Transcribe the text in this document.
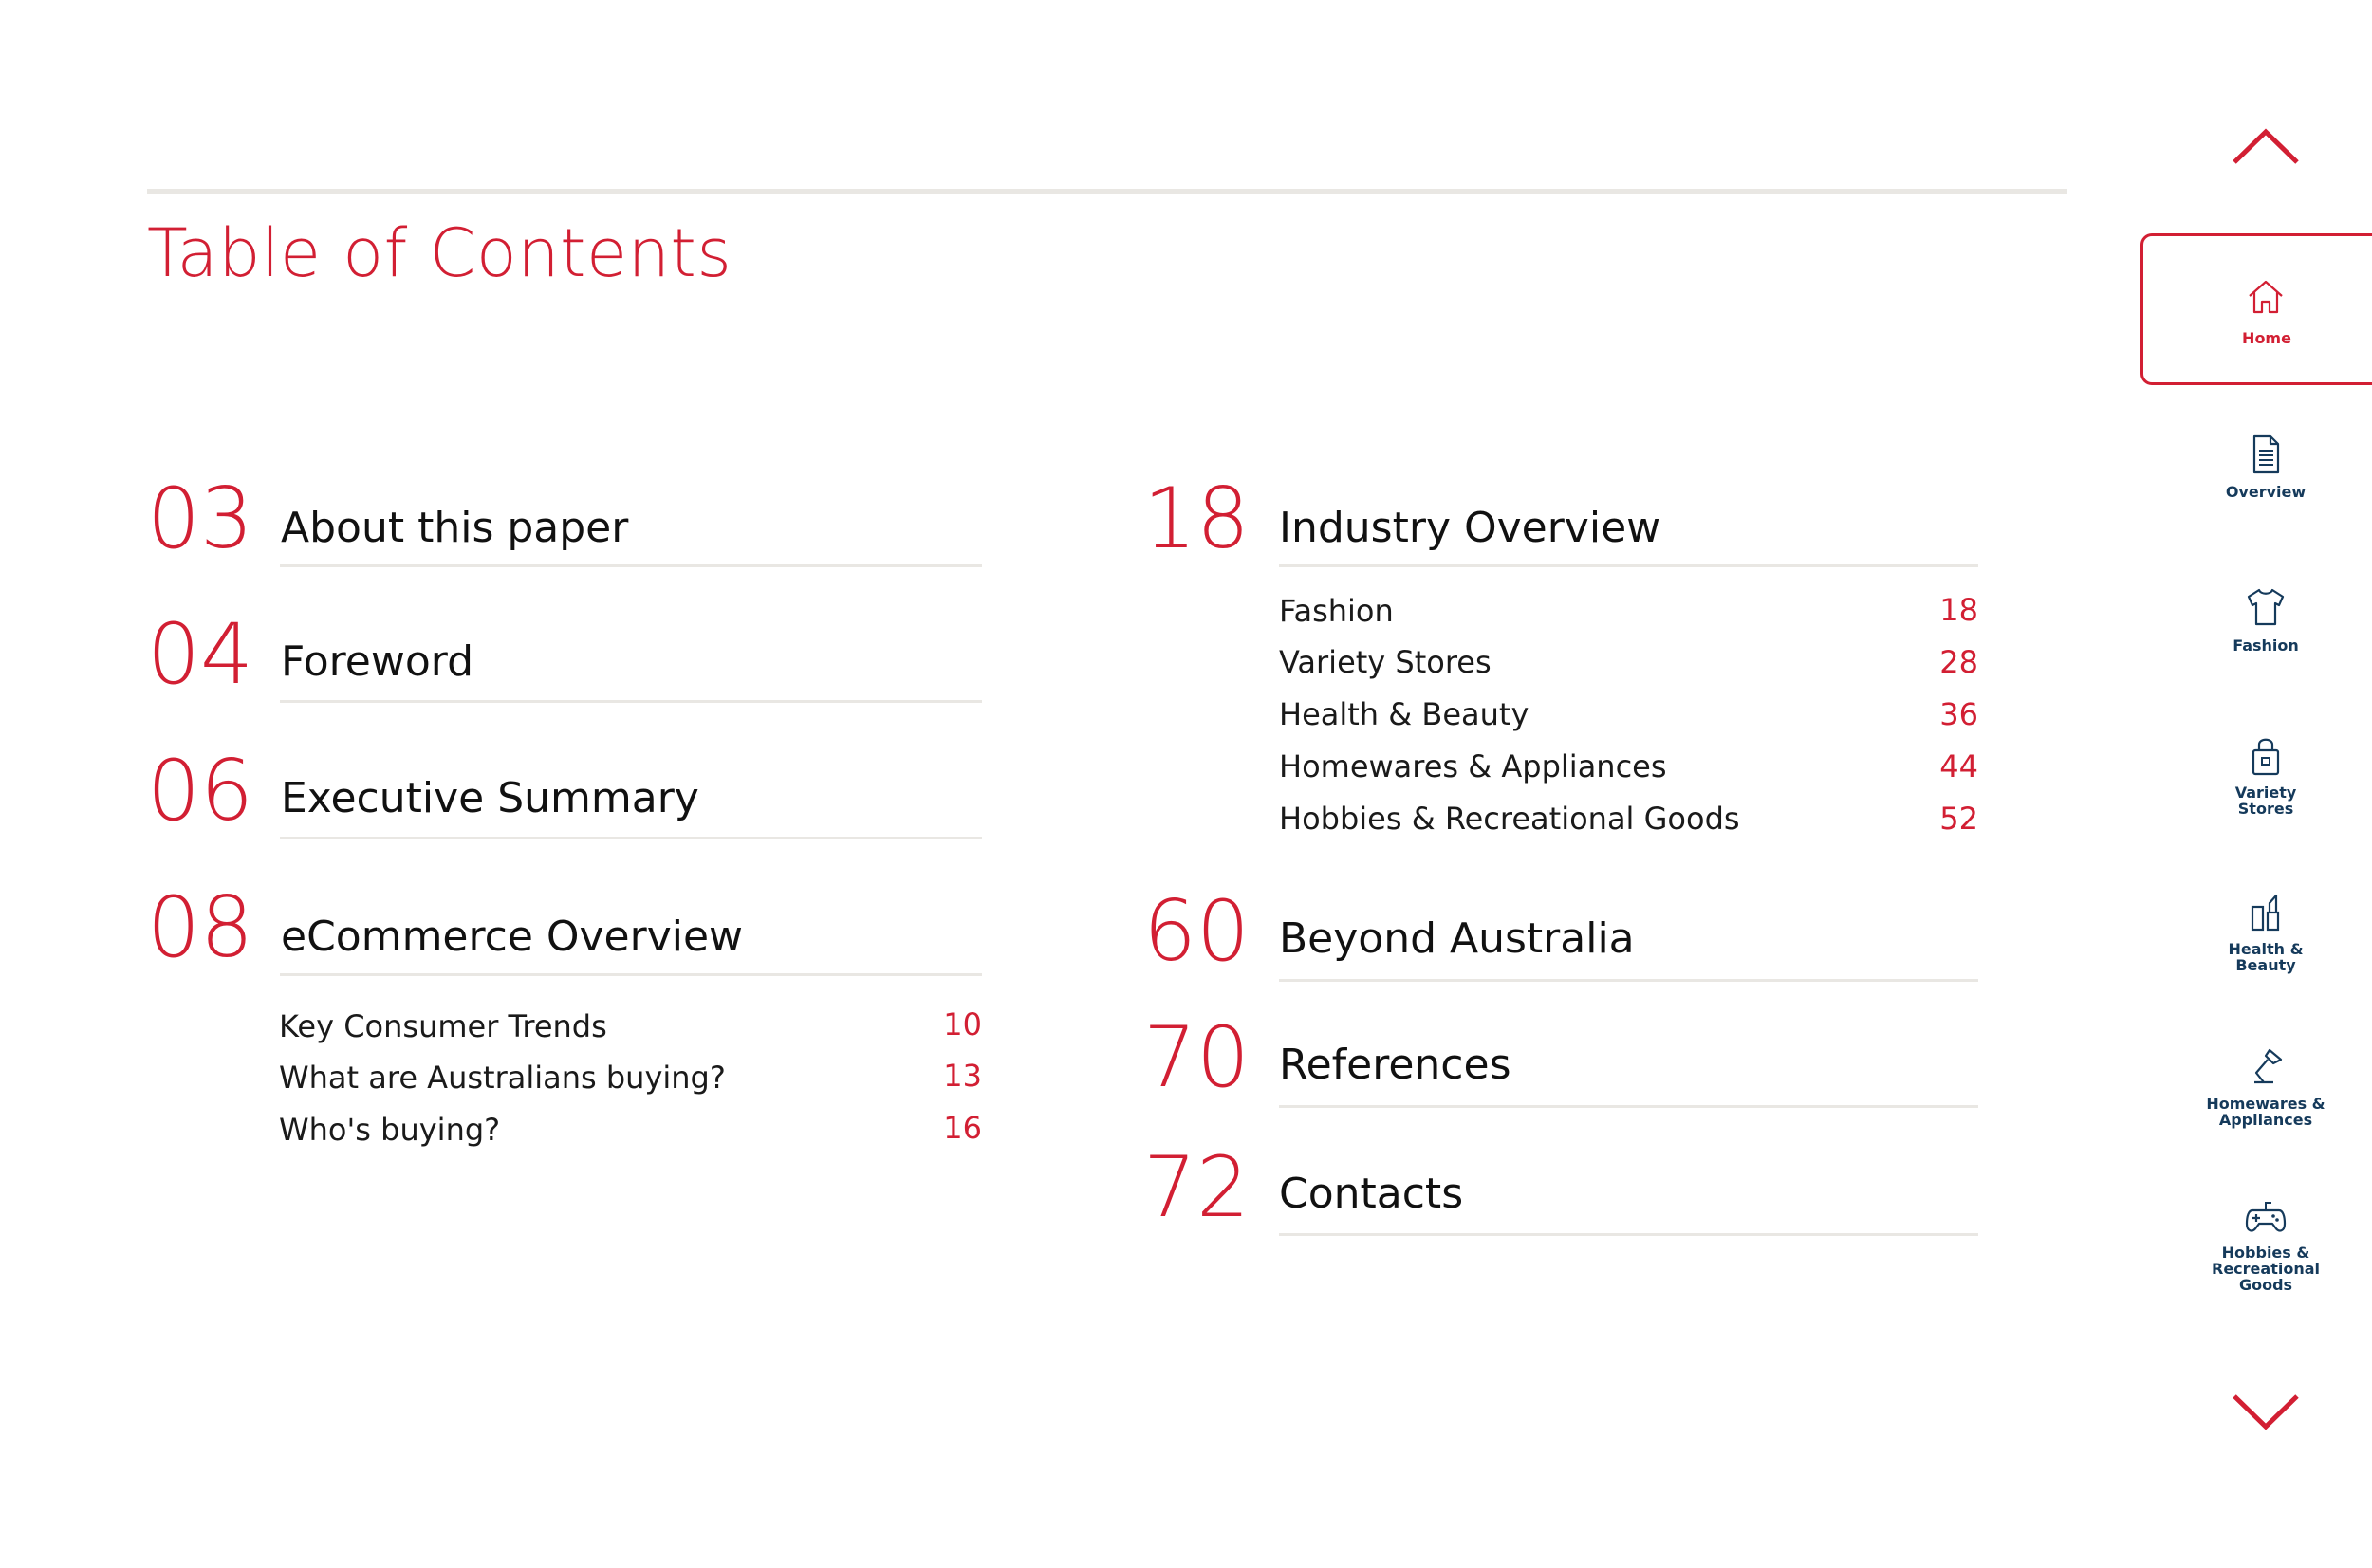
Table of Contents
03 About this paper
04 Foreword
06 Executive Summary
08 eCommerce Overview
Key Consumer Trends	10
What are Australians buying?	13
Who's buying?	16
18 Industry Overview
Fashion	18
Variety Stores	28
Health & Beauty	36
Homewares & Appliances	44
Hobbies & Recreational Goods	52
60 Beyond Australia
70 References
72 Contacts
Home
Overview
Fashion
Variety
Stores
Health &
Beauty
Homewares &
Appliances
Hobbies &
Recreational
Goods
